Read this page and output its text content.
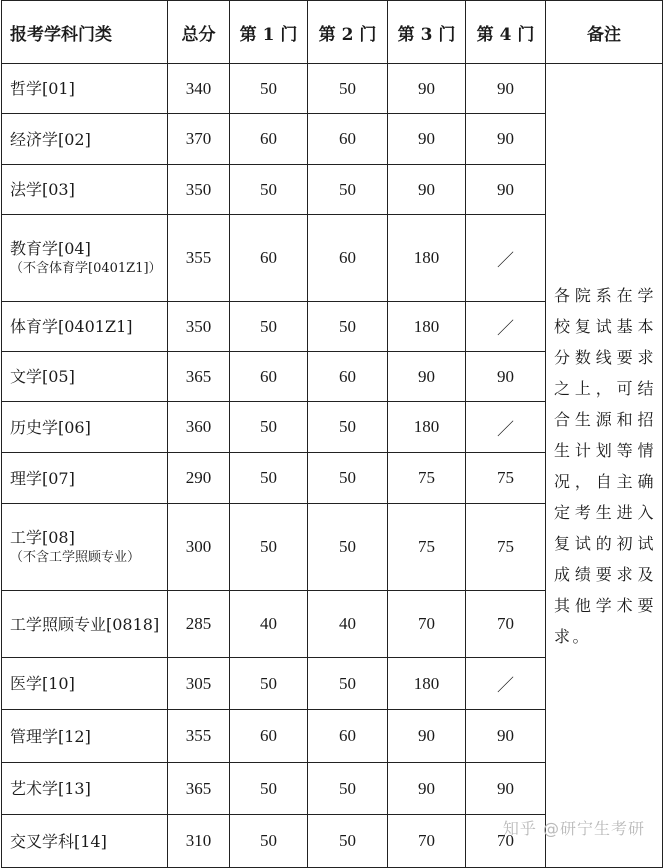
报考学科门类	总分	第 1 门	第 2 门	第 3 门	第 4 门	备注
哲学[01]	340	50	50	90	90	各院系在学校复试基本分数线要求之上，可结合生源和招生计划等情况，自主确定考生进入复试的初试成绩要求及其他学术要求。
经济学[02]	370	60	60	90	90	
法学[03]	350	50	50	90	90	
教育学[04]
（不含体育学[0401Z1]）	355	60	60	180	／	
体育学[0401Z1]	350	50	50	180	／	
文学[05]	365	60	60	90	90	
历史学[06]	360	50	50	180	／	
理学[07]	290	50	50	75	75	
工学[08]
（不含工学照顾专业）	300	50	50	75	75	
工学照顾专业[0818]	285	40	40	70	70	
医学[10]	305	50	50	180	／	
管理学[12]	355	60	60	90	90	
艺术学[13]	365	50	50	90	90	
交叉学科[14]	310	50	50	70	70	
知乎 @研宁生考研
